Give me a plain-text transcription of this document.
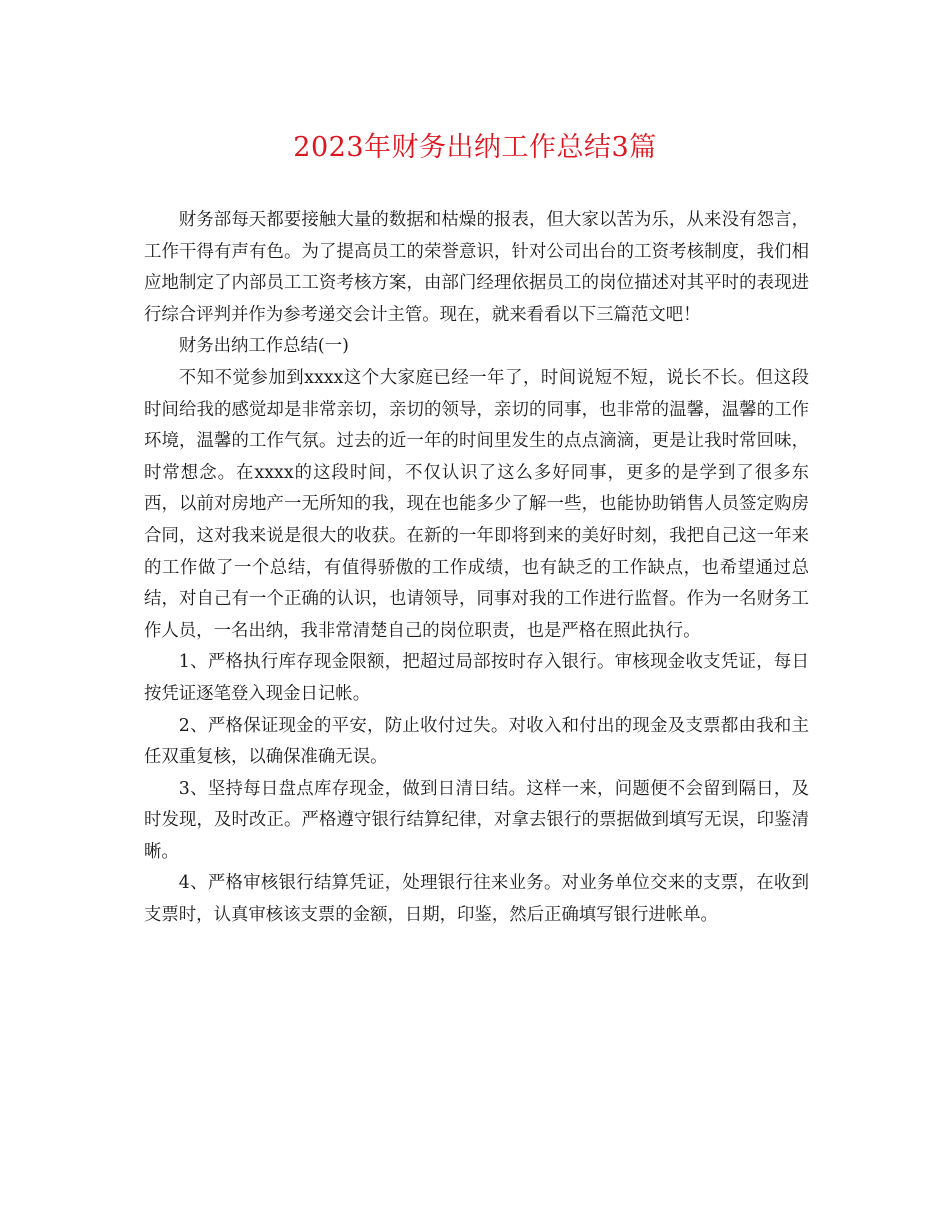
2023年财务出纳工作总结3篇

财务部每天都要接触大量的数据和枯燥的报表，但大家以苦为乐，从来没有怨言，工作干得有声有色。为了提高员工的荣誉意识，针对公司出台的工资考核制度，我们相应地制定了内部员工工资考核方案，由部门经理依据员工的岗位描述对其平时的表现进行综合评判并作为参考递交会计主管。现在，就来看看以下三篇范文吧！

财务出纳工作总结(一)

不知不觉参加到xxxx这个大家庭已经一年了，时间说短不短，说长不长。但这段时间给我的感觉却是非常亲切，亲切的领导，亲切的同事，也非常的温馨，温馨的工作环境，温馨的工作气氛。过去的近一年的时间里发生的点点滴滴，更是让我时常回味，时常想念。在xxxx的这段时间，不仅认识了这么多好同事，更多的是学到了很多东西，以前对房地产一无所知的我，现在也能多少了解一些，也能协助销售人员签定购房合同，这对我来说是很大的收获。在新的一年即将到来的美好时刻，我把自己这一年来的工作做了一个总结，有值得骄傲的工作成绩，也有缺乏的工作缺点，也希望通过总结，对自己有一个正确的认识，也请领导，同事对我的工作进行监督。作为一名财务工作人员，一名出纳，我非常清楚自己的岗位职责，也是严格在照此执行。

1、严格执行库存现金限额，把超过局部按时存入银行。审核现金收支凭证，每日按凭证逐笔登入现金日记帐。

2、严格保证现金的平安，防止收付过失。对收入和付出的现金及支票都由我和主任双重复核，以确保准确无误。

3、坚持每日盘点库存现金，做到日清日结。这样一来，问题便不会留到隔日，及时发现，及时改正。严格遵守银行结算纪律，对拿去银行的票据做到填写无误，印鉴清晰。

4、严格审核银行结算凭证，处理银行往来业务。对业务单位交来的支票，在收到支票时，认真审核该支票的金额，日期，印鉴，然后正确填写银行进帐单。
